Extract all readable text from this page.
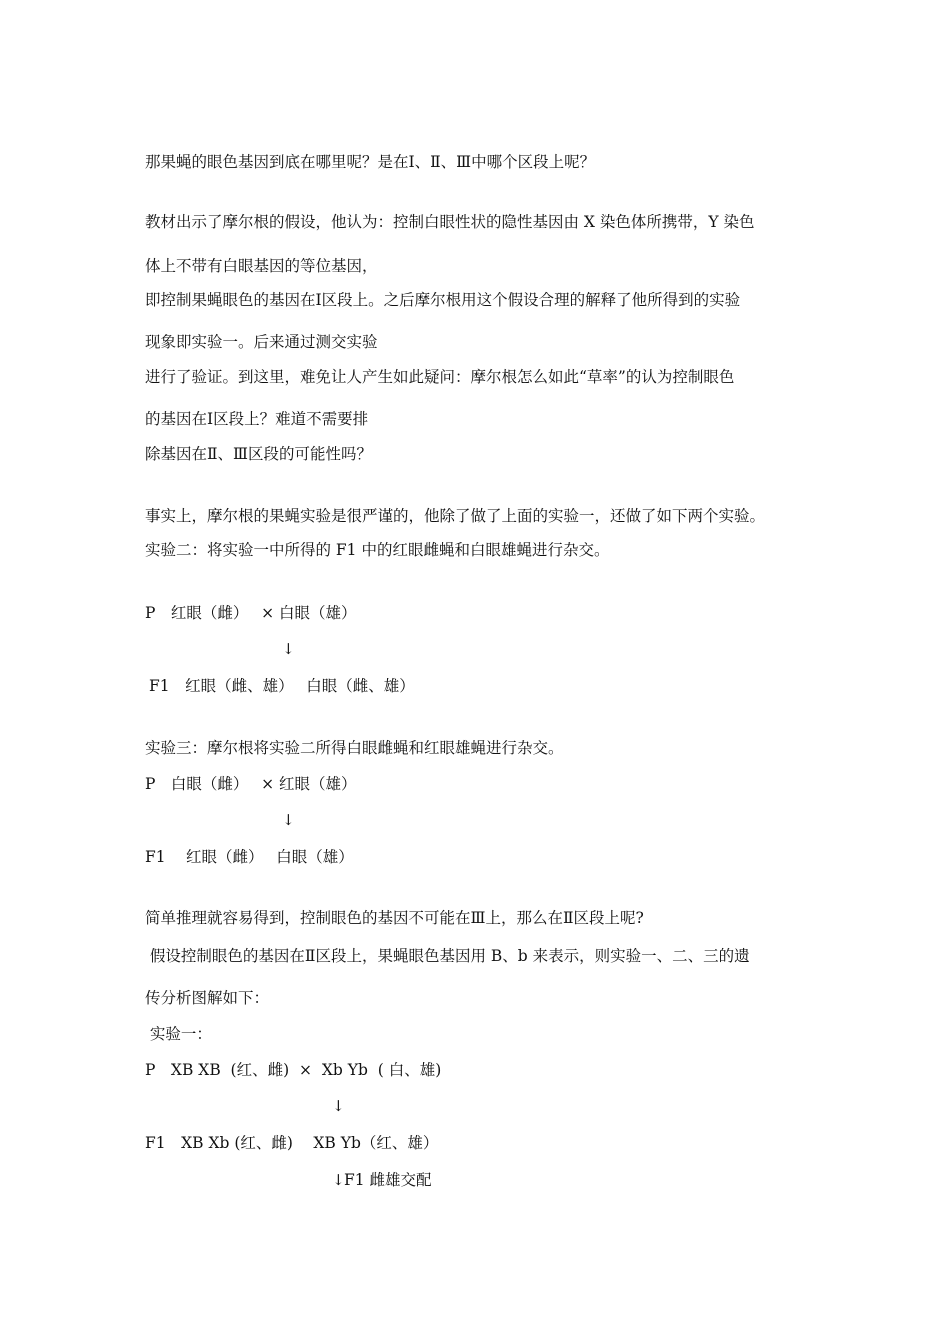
那果蝇的眼色基因到底在哪里呢？是在Ⅰ、Ⅱ、Ⅲ中哪个区段上呢？
教材出示了摩尔根的假设，他认为：控制白眼性状的隐性基因由 X 染色体所携带，Y 染色
体上不带有白眼基因的等位基因，
即控制果蝇眼色的基因在Ⅰ区段上。之后摩尔根用这个假设合理的解释了他所得到的实验
现象即实验一。后来通过测交实验
进行了验证。到这里，难免让人产生如此疑问：摩尔根怎么如此“草率”的认为控制眼色
的基因在Ⅰ区段上？难道不需要排
除基因在Ⅱ、Ⅲ区段的可能性吗？
事实上，摩尔根的果蝇实验是很严谨的，他除了做了上面的实验一，还做了如下两个实验。
实验二：将实验一中所得的 F1 中的红眼雌蝇和白眼雄蝇进行杂交。
P　红眼（雌）　 × 白眼（雄）
↓
F1　红眼（雌、雄）　 白眼（雌、雄）
实验三：摩尔根将实验二所得白眼雌蝇和红眼雄蝇进行杂交。
P　白眼（雌）　 × 红眼（雄）
↓
F1　 红眼（雌）　 白眼（雄）
简单推理就容易得到，控制眼色的基因不可能在Ⅲ上，那么在Ⅱ区段上呢?
假设控制眼色的基因在Ⅱ区段上，果蝇眼色基因用 B、b 来表示，则实验一、二、三的遗
传分析图解如下：
实验一：
P　XB XB  (红、雌)  ×  Xb Yb  ( 白、雄)
↓
F1　XB Xb (红、雌)　 XB Yb（红、雄）
↓ F1 雌雄交配
